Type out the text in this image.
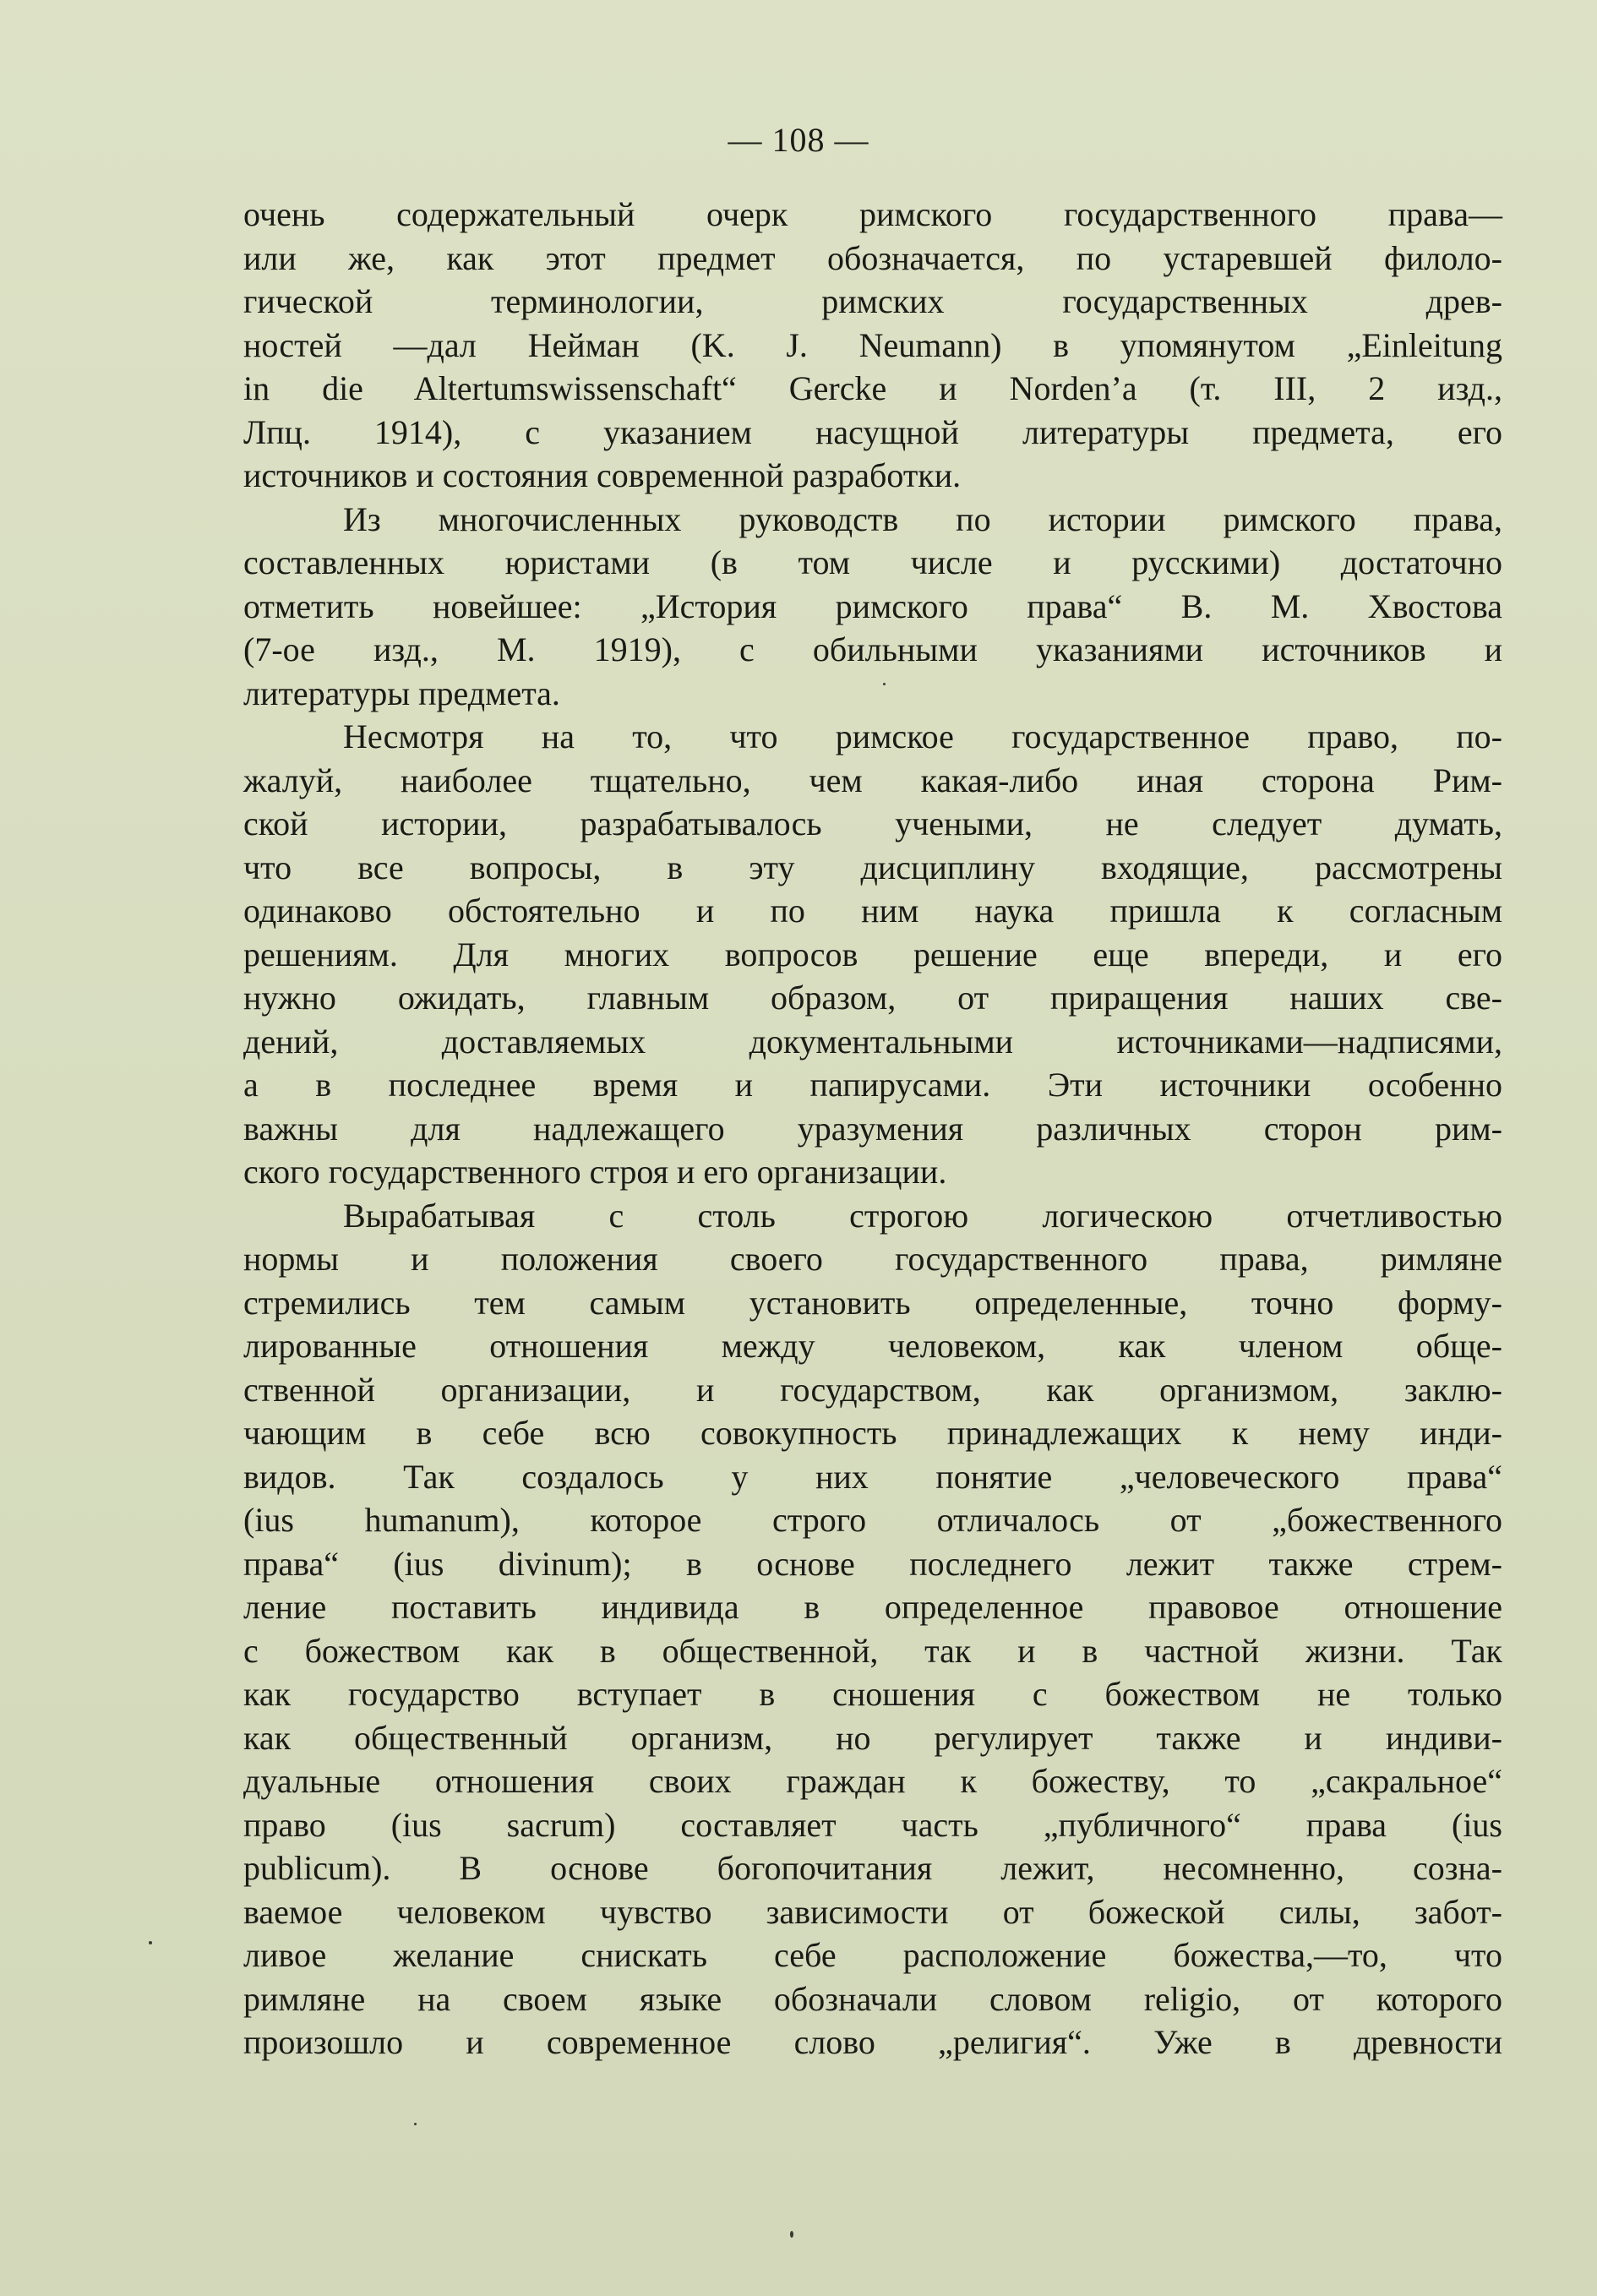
— 108 —
очень содержательный очерк римского государственного права—
или же, как этот предмет обозначается, по устаревшей филоло-
гической терминологии, римских государственных древ-
ностей —дал Нейман (K. J. Neumann) в упомянутом „Einleitung
in die Altertumswissenschaft“ Gercke и Norden’a (т. III, 2 изд.,
Лпц. 1914), с указанием насущной литературы предмета, его
источников и состояния современной разработки.
Из многочисленных руководств по истории римского права,
составленных юристами (в том числе и русскими) достаточно
отметить новейшее: „История римского права“ В. М. Хвостова
(7-ое изд., М. 1919), с обильными указаниями источников и
литературы предмета.
Несмотря на то, что римское государственное право, по-
жалуй, наиболее тщательно, чем какая-либо иная сторона Рим-
ской истории, разрабатывалось учеными, не следует думать,
что все вопросы, в эту дисциплину входящие, рассмотрены
одинаково обстоятельно и по ним наука пришла к согласным
решениям. Для многих вопросов решение еще впереди, и его
нужно ожидать, главным образом, от приращения наших све-
дений, доставляемых документальными источниками—надписями,
а в последнее время и папирусами. Эти источники особенно
важны для надлежащего уразумения различных сторон рим-
ского государственного строя и его организации.
Вырабатывая с столь строгою логическою отчетливостью
нормы и положения своего государственного права, римляне
стремились тем самым установить определенные, точно форму-
лированные отношения между человеком, как членом обще-
ственной организации, и государством, как организмом, заклю-
чающим в себе всю совокупность принадлежащих к нему инди-
видов. Так создалось у них понятие „человеческого права“
(ius humanum), которое строго отличалось от „божественного
права“ (ius divinum); в основе последнего лежит также стрем-
ление поставить индивида в определенное правовое отношение
с божеством как в общественной, так и в частной жизни. Так
как государство вступает в сношения с божеством не только
как общественный организм, но регулирует также и индиви-
дуальные отношения своих граждан к божеству, то „сакральное“
право (ius sacrum) составляет часть „публичного“ права (ius
publicum). В основе богопочитания лежит, несомненно, созна-
ваемое человеком чувство зависимости от божеской силы, забот-
ливое желание снискать себе расположение божества,—то, что
римляне на своем языке обозначали словом religio, от которого
произошло и современное слово „религия“. Уже в древности
